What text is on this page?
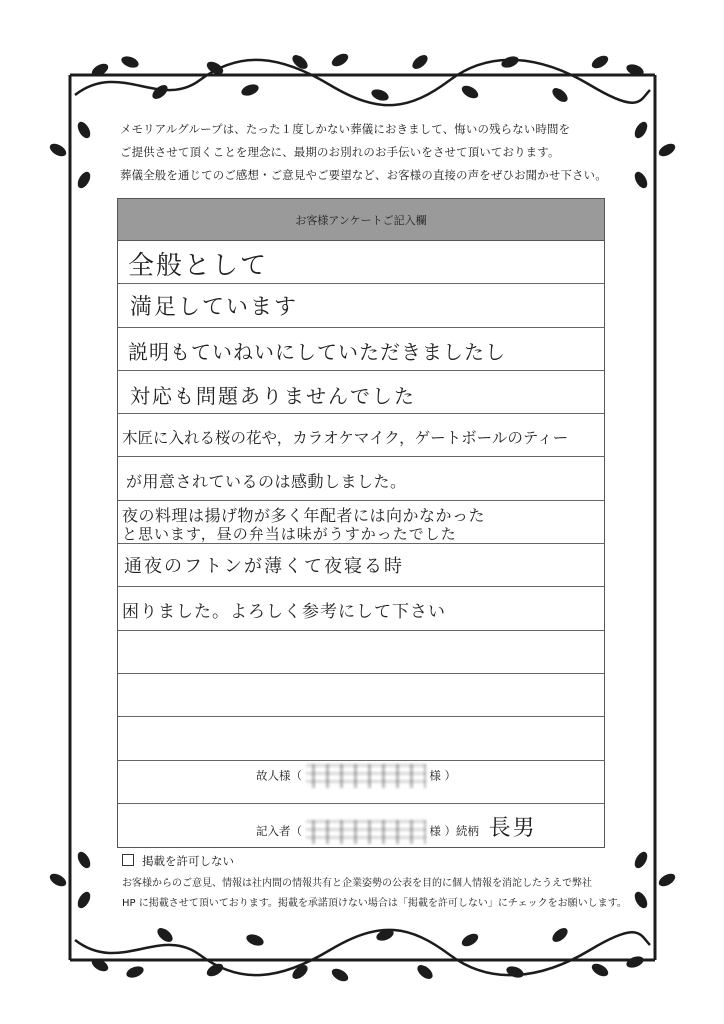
メモリアルグループは、たった１度しかない葬儀におきまして、悔いの残らない時間を
ご提供させて頂くことを理念に、最期のお別れのお手伝いをさせて頂いております。
葬儀全般を通じてのご感想・ご意見やご要望など、お客様の直接の声をぜひお聞かせ下さい。
お客様アンケートご記入欄
全般として
満足しています
説明もていねいにしていただきましたし
対応も問題ありませんでした
木匠に入れる桜の花や，カラオケマイク，ゲートボールのティー
が用意されているのは感動しました。
夜の料理は揚げ物が多く年配者には向かなかった
と思います，昼の弁当は味がうすかったでした
通夜のフトンが薄くて夜寝る時
困りました。よろしく参考にして下さい
故人様（	様 ）
記入者（	様 ）続柄 長男
掲載を許可しない
お客様からのご意見、情報は社内間の情報共有と企業姿勢の公表を目的に個人情報を消詑したうえで弊社
HP に掲載させて頂いております。掲載を承諾頂けない場合は「掲載を許可しない」にチェックをお願いします。
